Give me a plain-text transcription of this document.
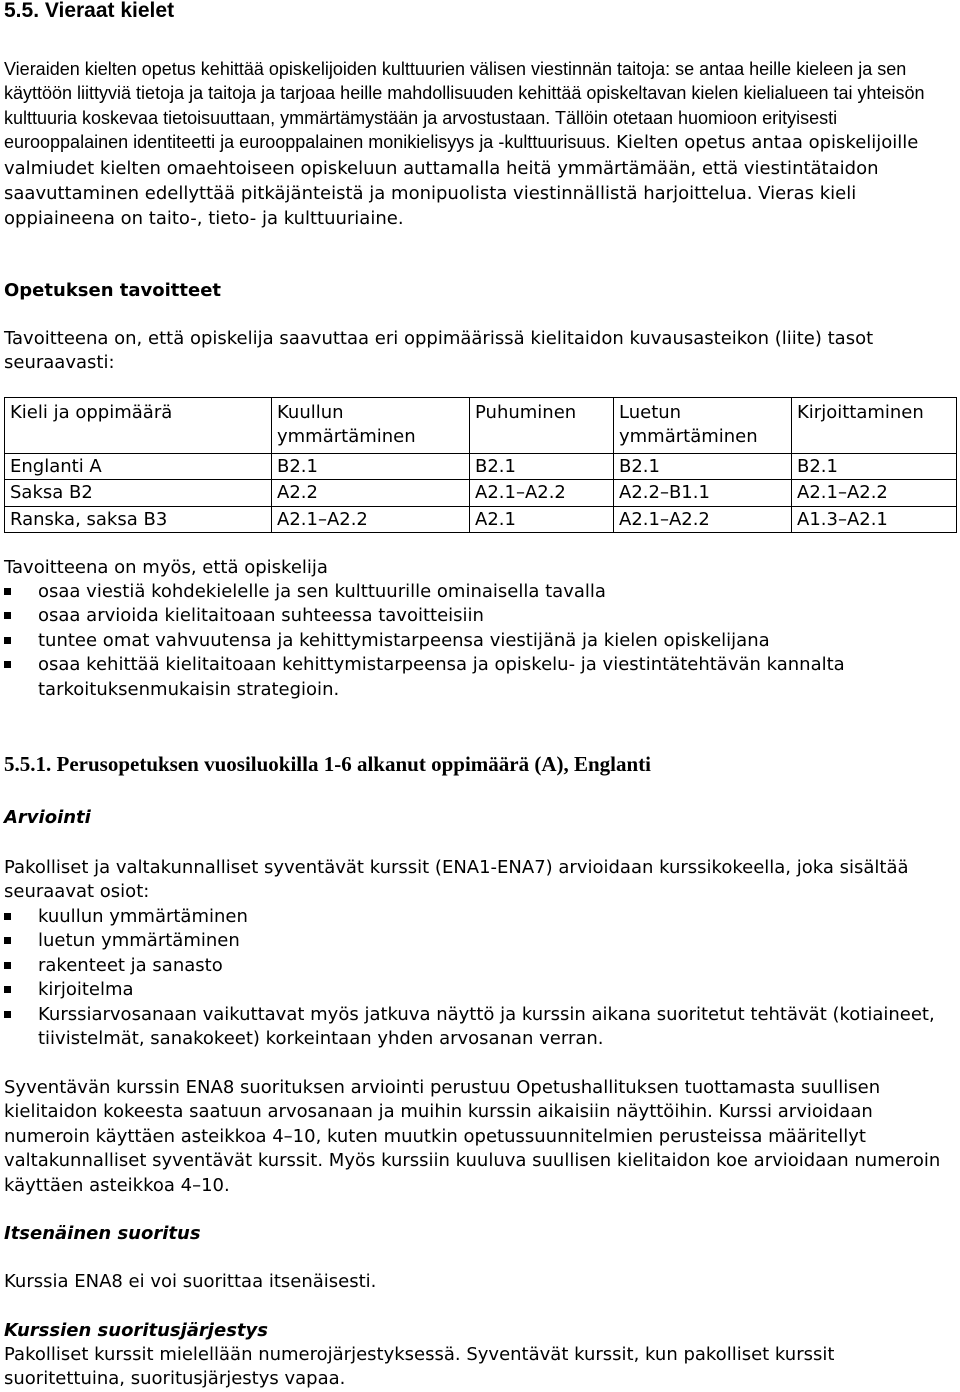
5.5. Vieraat kielet

Vieraiden kielten opetus kehittää opiskelijoiden kulttuurien välisen viestinnän taitoja: se antaa heille kieleen ja sen käyttöön liittyviä tietoja ja taitoja ja tarjoaa heille mahdollisuuden kehittää opiskeltavan kielen kielialueen tai yhteisön kulttuuria koskevaa tietoisuuttaan, ymmärtämystään ja arvostustaan. Tällöin otetaan huomioon erityisesti eurooppalainen identiteetti ja eurooppalainen monikielisyys ja -kulttuurisuus. Kielten opetus antaa opiskelijoille valmiudet kielten omaehtoiseen opiskeluun auttamalla heitä ymmärtämään, että viestintätaidon saavuttaminen edellyttää pitkäjänteistä ja monipuolista viestinnällistä harjoittelua. Vieras kieli oppiaineena on taito-, tieto- ja kulttuuriaine.

Opetuksen tavoitteet

Tavoitteena on, että opiskelija saavuttaa eri oppimäärissä kielitaidon kuvausasteikon (liite) tasot seuraavasti:

Kieli ja oppimäärä	Kuullun ymmärtäminen	Puhuminen	Luetun ymmärtäminen	Kirjoittaminen
Englanti A	B2.1	B2.1	B2.1	B2.1
Saksa B2	A2.2	A2.1–A2.2	A2.2–B1.1	A2.1–A2.2
Ranska, saksa B3	A2.1–A2.2	A2.1	A2.1–A2.2	A1.3–A2.1

Tavoitteena on myös, että opiskelija

osaa viestiä kohdekielelle ja sen kulttuurille ominaisella tavalla
osaa arvioida kielitaitoaan suhteessa tavoitteisiin
tuntee omat vahvuutensa ja kehittymistarpeensa viestijänä ja kielen opiskelijana
osaa kehittää kielitaitoaan kehittymistarpeensa ja opiskelu- ja viestintätehtävän kannalta tarkoituksenmukaisin strategioin.

5.5.1. Perusopetuksen vuosiluokilla 1-6 alkanut oppimäärä (A), Englanti

Arviointi

Pakolliset ja valtakunnalliset syventävät kurssit (ENA1-ENA7) arvioidaan kurssikokeella, joka sisältää seuraavat osiot:

kuullun ymmärtäminen
luetun ymmärtäminen
rakenteet ja sanasto
kirjoitelma
Kurssiarvosanaan vaikuttavat myös jatkuva näyttö ja kurssin aikana suoritetut tehtävät (kotiaineet, tiivistelmät, sanakokeet) korkeintaan yhden arvosanan verran.

Syventävän kurssin ENA8 suorituksen arviointi perustuu Opetushallituksen tuottamasta suullisen kielitaidon kokeesta saatuun arvosanaan ja muihin kurssin aikaisiin näyttöihin. Kurssi arvioidaan numeroin käyttäen asteikkoa 4–10, kuten muutkin opetussuunnitelmien perusteissa määritellyt valtakunnalliset syventävät kurssit. Myös kurssiin kuuluva suullisen kielitaidon koe arvioidaan numeroin käyttäen asteikkoa 4–10.

Itsenäinen suoritus

Kurssia ENA8 ei voi suorittaa itsenäisesti.

Kurssien suoritusjärjestys

Pakolliset kurssit mielellään numerojärjestyksessä. Syventävät kurssit, kun pakolliset kurssit suoritettuina, suoritusjärjestys vapaa.
